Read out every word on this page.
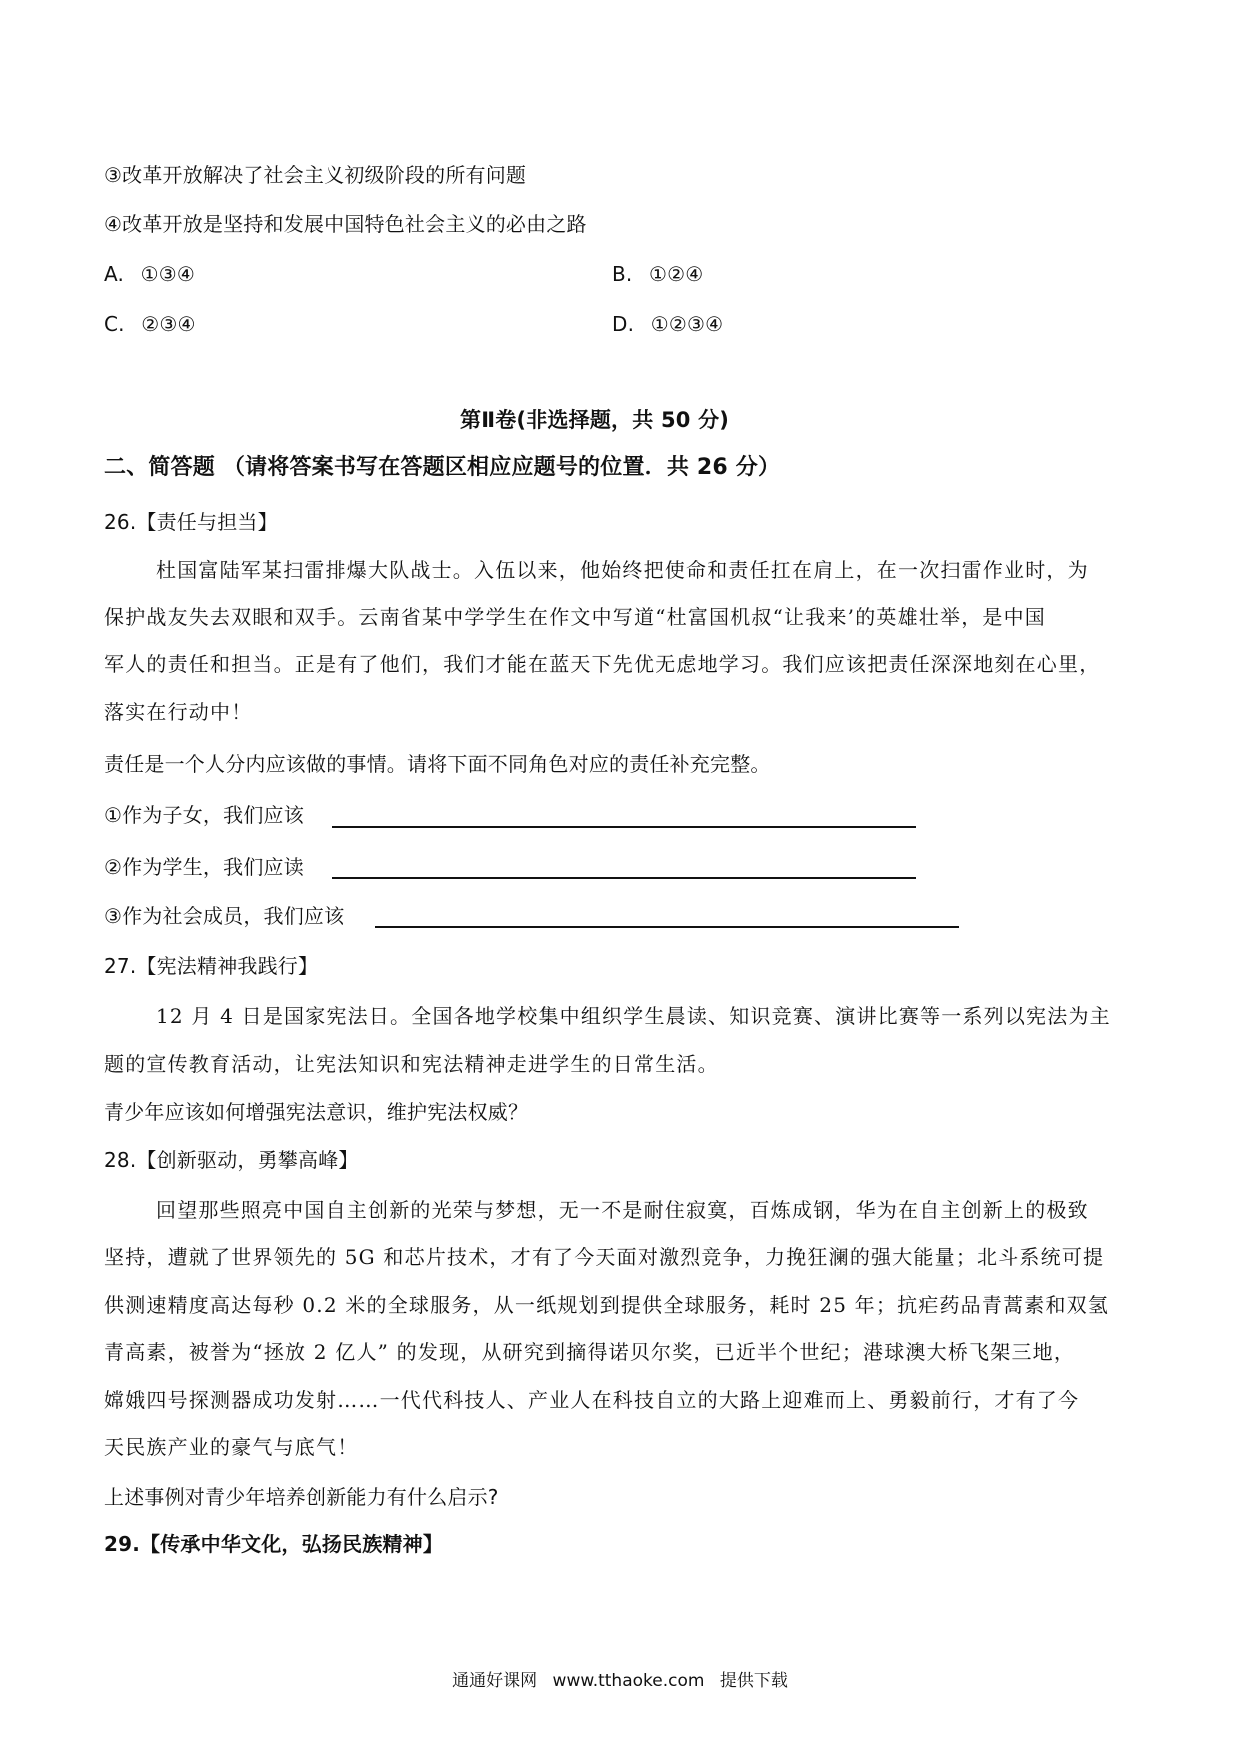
③改革开放解决了社会主义初级阶段的所有问题
④改革开放是坚持和发展中国特色社会主义的必由之路
A. ①③④	B. ①②④
C. ②③④	D. ①②③④
第Ⅱ卷(非选择题，共 50 分)
二、简答题 （请将答案书写在答题区相应应题号的位置．共 26 分）
26.【责任与担当】
杜国富陆军某扫雷排爆大队战士。入伍以来，他始终把使命和责任扛在肩上，在一次扫雷作业时，为
保护战友失去双眼和双手。云南省某中学学生在作文中写道“杜富国机叔“让我来’的英雄壮举，是中国
军人的责任和担当。正是有了他们，我们才能在蓝天下先优无虑地学习。我们应该把责任深深地刻在心里，
落实在行动中！
责任是一个人分内应该做的事情。请将下面不同角色对应的责任补充完整。
①作为子女，我们应该
②作为学生，我们应读
③作为社会成员，我们应该
27.【宪法精神我践行】
12 月 4 日是国家宪法日。全国各地学校集中组织学生晨读、知识竞赛、演讲比赛等一系列以宪法为主
题的宣传教育活动，让宪法知识和宪法精神走进学生的日常生活。
青少年应该如何增强宪法意识，维护宪法权威？
28.【创新驱动，勇攀高峰】
回望那些照亮中国自主创新的光荣与梦想，无一不是耐住寂寞，百炼成钢，华为在自主创新上的极致
坚持，遭就了世界领先的 5G 和芯片技术，才有了今天面对激烈竞争，力挽狂澜的强大能量；北斗系统可提
供测速精度高达每秒 0.2 米的全球服务，从一纸规划到提供全球服务，耗时 25 年；抗疟药品青蒿素和双氢
青高素，被誉为“拯放 2 亿人” 的发现，从研究到摘得诺贝尔奖，已近半个世纪；港球澳大桥飞架三地，
嫦娥四号探测器成功发射……一代代科技人、产业人在科技自立的大路上迎难而上、勇毅前行，才有了今
天民族产业的豪气与底气！
上述事例对青少年培养创新能力有什么启示?
29.【传承中华文化，弘扬民族精神】
通通好课网 www.tthaoke.com 提供下载
